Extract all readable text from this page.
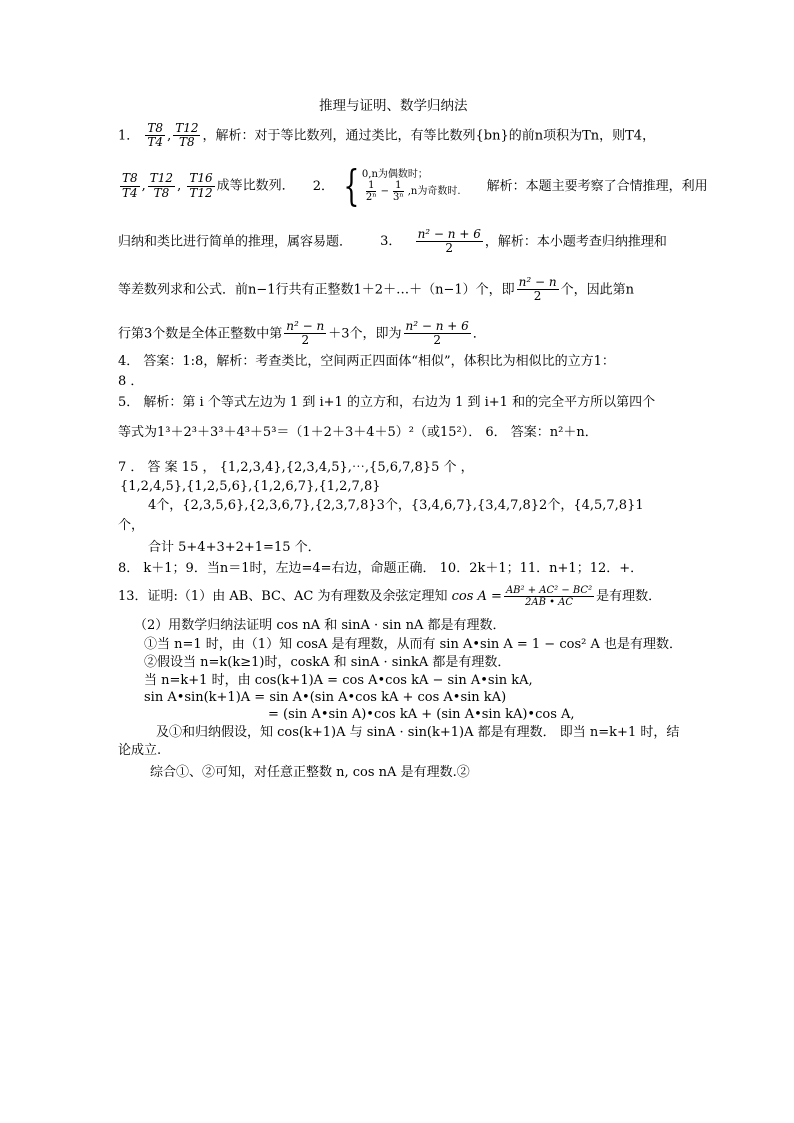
推理与证明、数学归纳法
1． $\frac{T8}{T4}$ , $\frac{T12}{T8}$ ，解析：对于等比数列，通过类比，有等比数列{bn}的前n项积为Tn，则T4，
$\frac{T8}{T4}$ , $\frac{T12}{T8}$ , $\frac{T16}{T12}$ 成等比数列． 2． { 0,n为偶数时；
$\frac{1}{\text{2ⁿ}} - \frac{1}{\text{3ⁿ}} ,n$为奇数时. 解析：本题主要考察了合情推理，利用
归纳和类比进行简单的推理，属容易题． 3． $\frac{\text{n² − n + 6}}{2}$ ，解析：本小题考查归纳推理和
等差数列求和公式．前n−1行共有正整数1＋2＋…＋（n−1）个，即 $\frac{\text{n² − n}}{2}$ 个，因此第n
行第3个数是全体正整数中第 $\frac{\text{n² − n}}{2} +3$个，即为 $\frac{\text{n² − n + 6}}{2}$ ．
4． 答案：1:8，解析：考查类比，空间两正四面体“相似”，体积比为相似比的立方1：
8 ．
5． 解析：第 i 个等式左边为 1 到 i+1 的立方和，右边为 1 到 i+1 和的完全平方所以第四个
等式为1³＋2³＋3³＋4³＋5³＝（1＋2＋3＋4＋5）²（或15²）． 6． 答案：n²＋n．
7 ． 答 案 15 ， {1,2,3,4},{2,3,4,5},⋯,{5,6,7,8}5 个 ，
{1,2,4,5},{1,2,5,6},{1,2,6,7},{1,2,7,8}
4个，{2,3,5,6},{2,3,6,7},{2,3,7,8}3个，{3,4,6,7},{3,4,7,8}2个，{4,5,7,8}1
个，
合计 5+4+3+2+1=15 个．
8． k＋1；9．当n＝1时，左边=4=右边，命题正确． 10．2k＋1；11．n+1；12．+．
13．证明:（1）由 AB、BC、AC 为有理数及余弦定理知 $\cos A = \frac{\text{AB² + AC² − BC²}}{2AB • AC}$ 是有理数．
（2）用数学归纳法证明 cos nA 和 sinA · sin nA 都是有理数．
①当 n=1 时，由（1）知 cosA 是有理数，从而有 sin A•sin A = 1 − cos² A 也是有理数．
②假设当 n=k(k≥1)时，coskA 和 sinA · sinkA 都是有理数．
当 n=k+1 时，由 cos(k+1)A = cos A•cos kA − sin A•sin kA,
sin A•sin(k+1)A = sin A•(sin A•cos kA + cos A•sin kA)
= (sin A•sin A)•cos kA + (sin A•sin kA)•cos A,
及①和归纳假设，知 cos(k+1)A 与 sinA · sin(k+1)A 都是有理数． 即当 n=k+1 时，结
论成立.
综合①、②可知，对任意正整数 n, cos nA 是有理数.②
